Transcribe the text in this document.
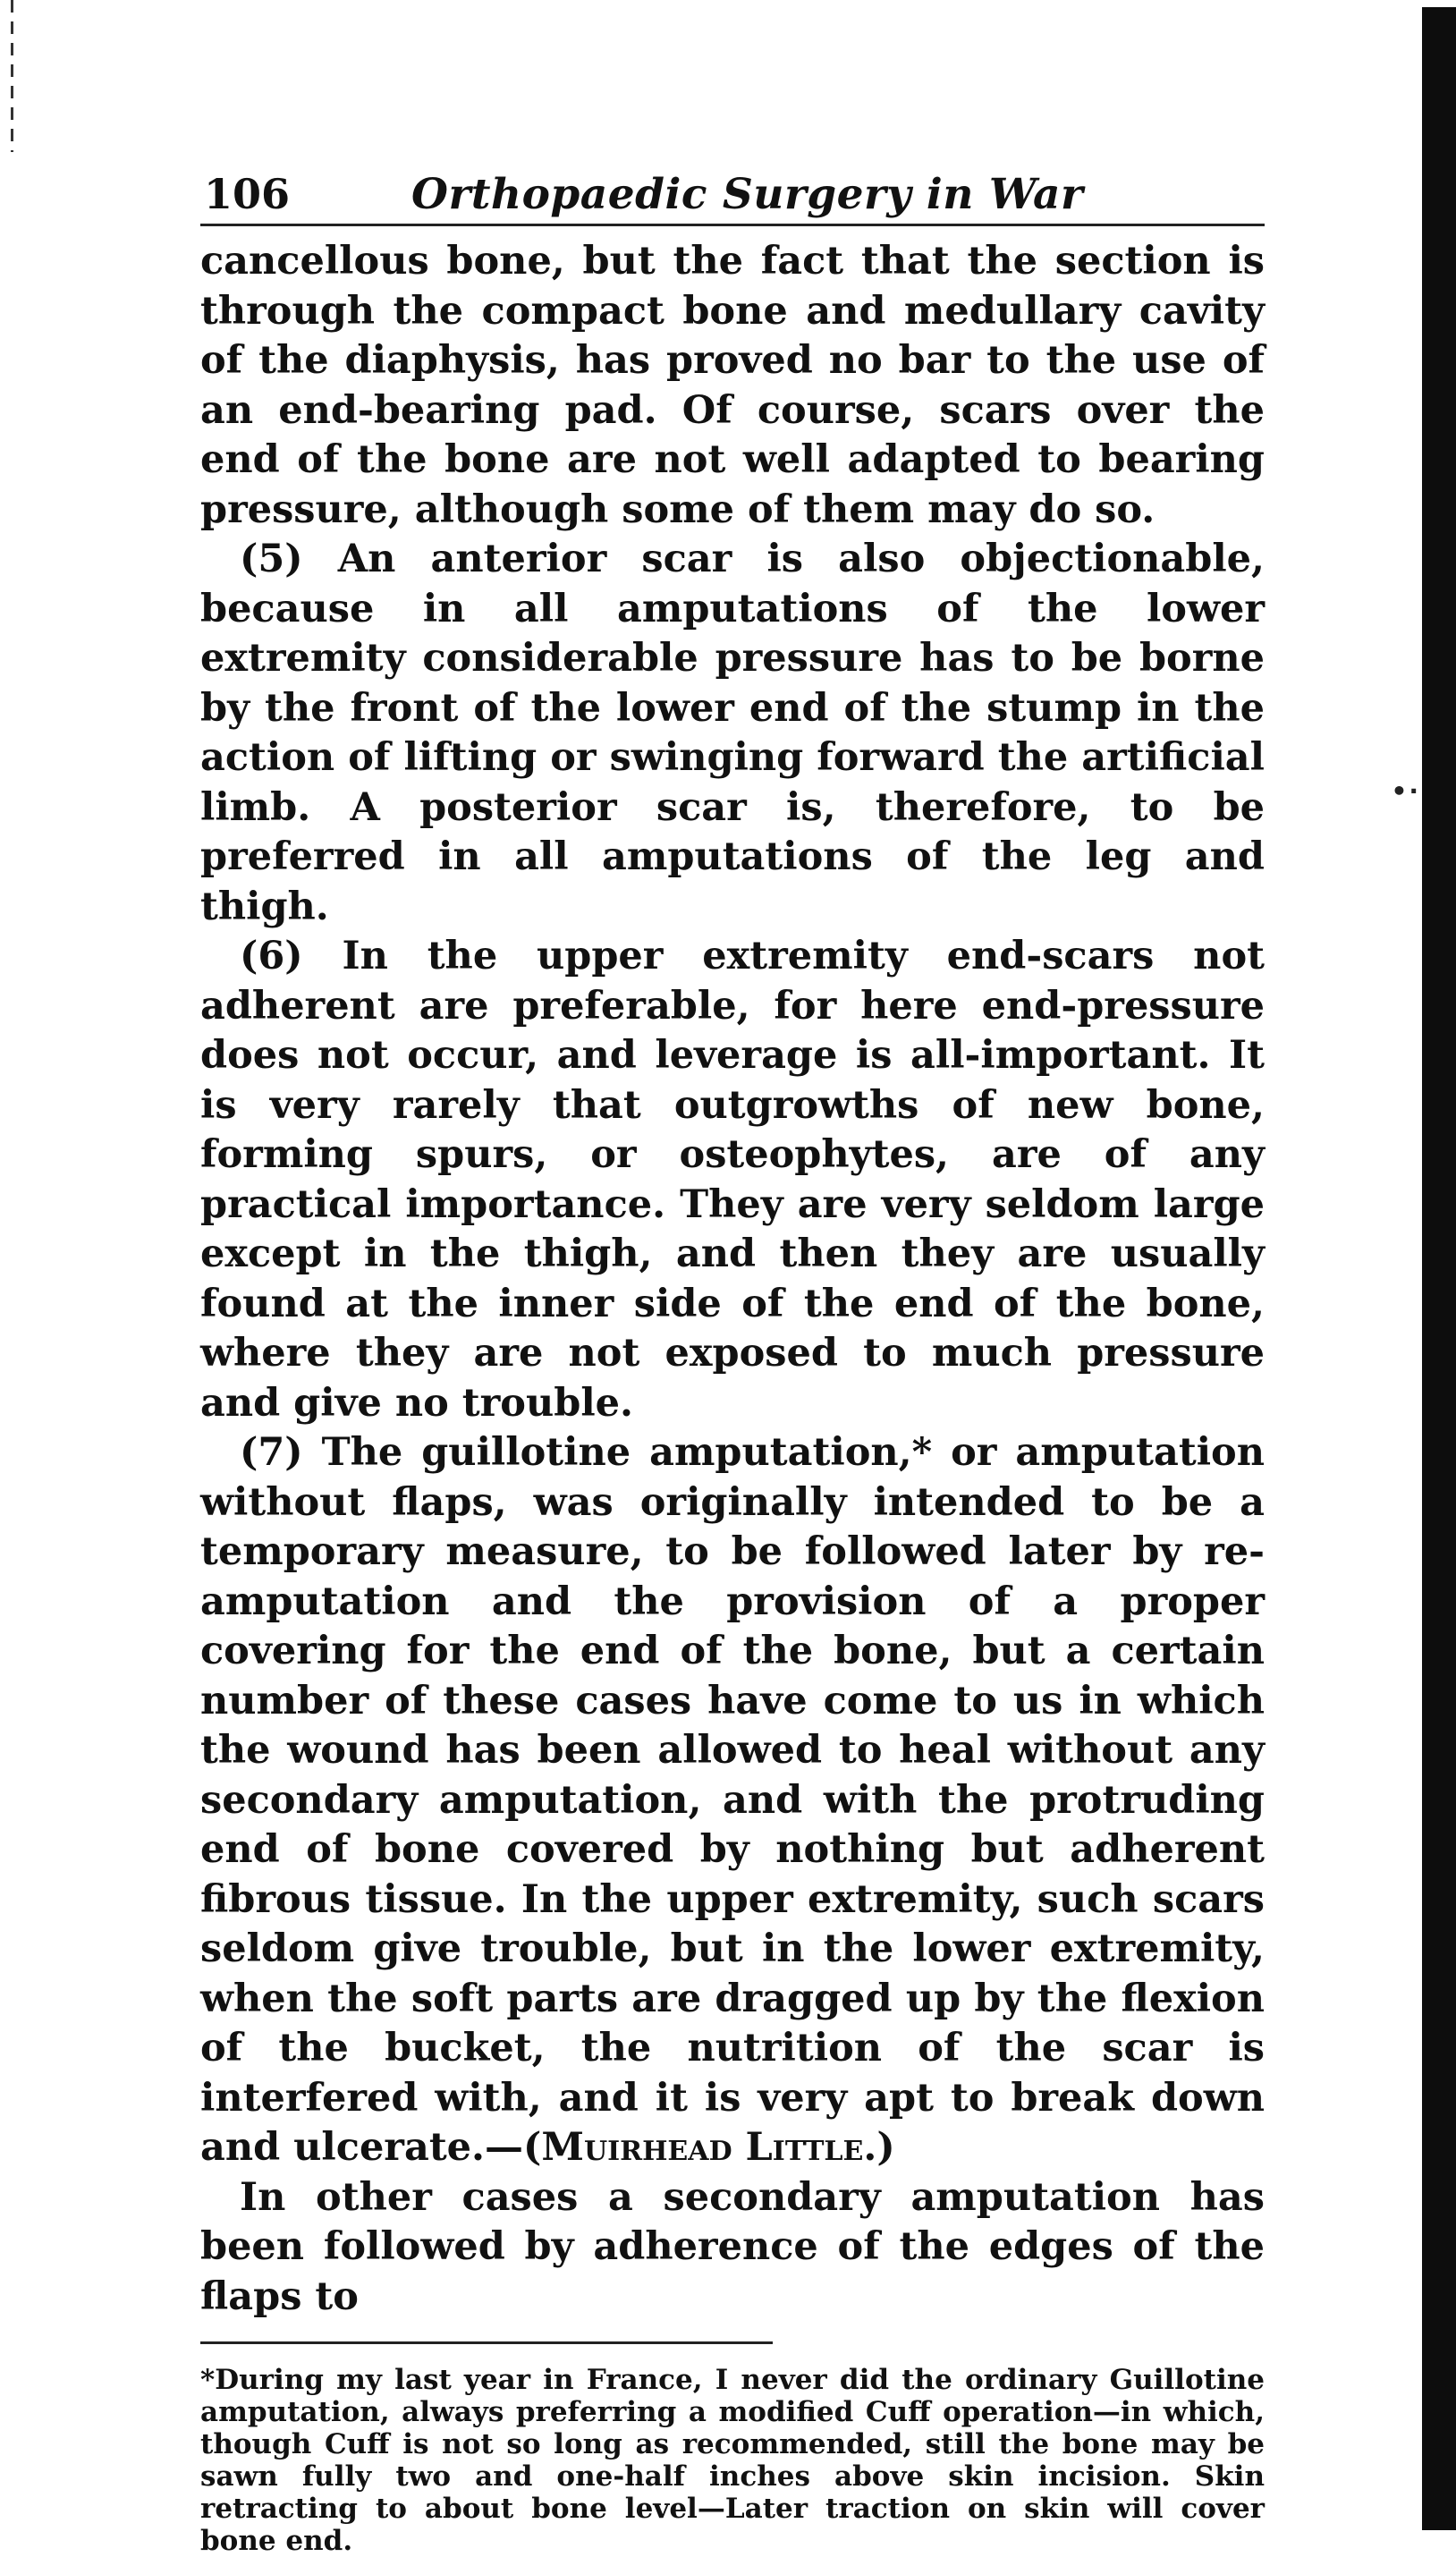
•·
106	Orthopaedic Surgery in War

cancellous bone, but the fact that the section is through the compact bone and medullary cavity of the diaphysis, has proved no bar to the use of an end-bearing pad. Of course, scars over the end of the bone are not well adapted to bearing pressure, although some of them may do so.

(5) An anterior scar is also objectionable, because in all amputations of the lower extremity considerable pressure has to be borne by the front of the lower end of the stump in the action of lifting or swinging forward the artificial limb. A posterior scar is, therefore, to be preferred in all amputations of the leg and thigh.

(6) In the upper extremity end-scars not adherent are preferable, for here end-pressure does not occur, and leverage is all-important. It is very rarely that outgrowths of new bone, forming spurs, or osteophytes, are of any practical importance. They are very seldom large except in the thigh, and then they are usually found at the inner side of the end of the bone, where they are not exposed to much pressure and give no trouble.

(7) The guillotine amputation,* or amputation without flaps, was originally intended to be a temporary measure, to be followed later by re-amputation and the provision of a proper covering for the end of the bone, but a certain number of these cases have come to us in which the wound has been allowed to heal without any secondary amputation, and with the protruding end of bone covered by nothing but adherent fibrous tissue. In the upper extremity, such scars seldom give trouble, but in the lower extremity, when the soft parts are dragged up by the flexion of the bucket, the nutrition of the scar is interfered with, and it is very apt to break down and ulcerate.—(Muirhead Little.)

In other cases a secondary amputation has been followed by adherence of the edges of the flaps to

*During my last year in France, I never did the ordinary Guillotine amputation, always preferring a modified Cuff operation—in which, though Cuff is not so long as recommended, still the bone may be sawn fully two and one-half inches above skin incision. Skin retracting to about bone level—Later traction on skin will cover bone end.
